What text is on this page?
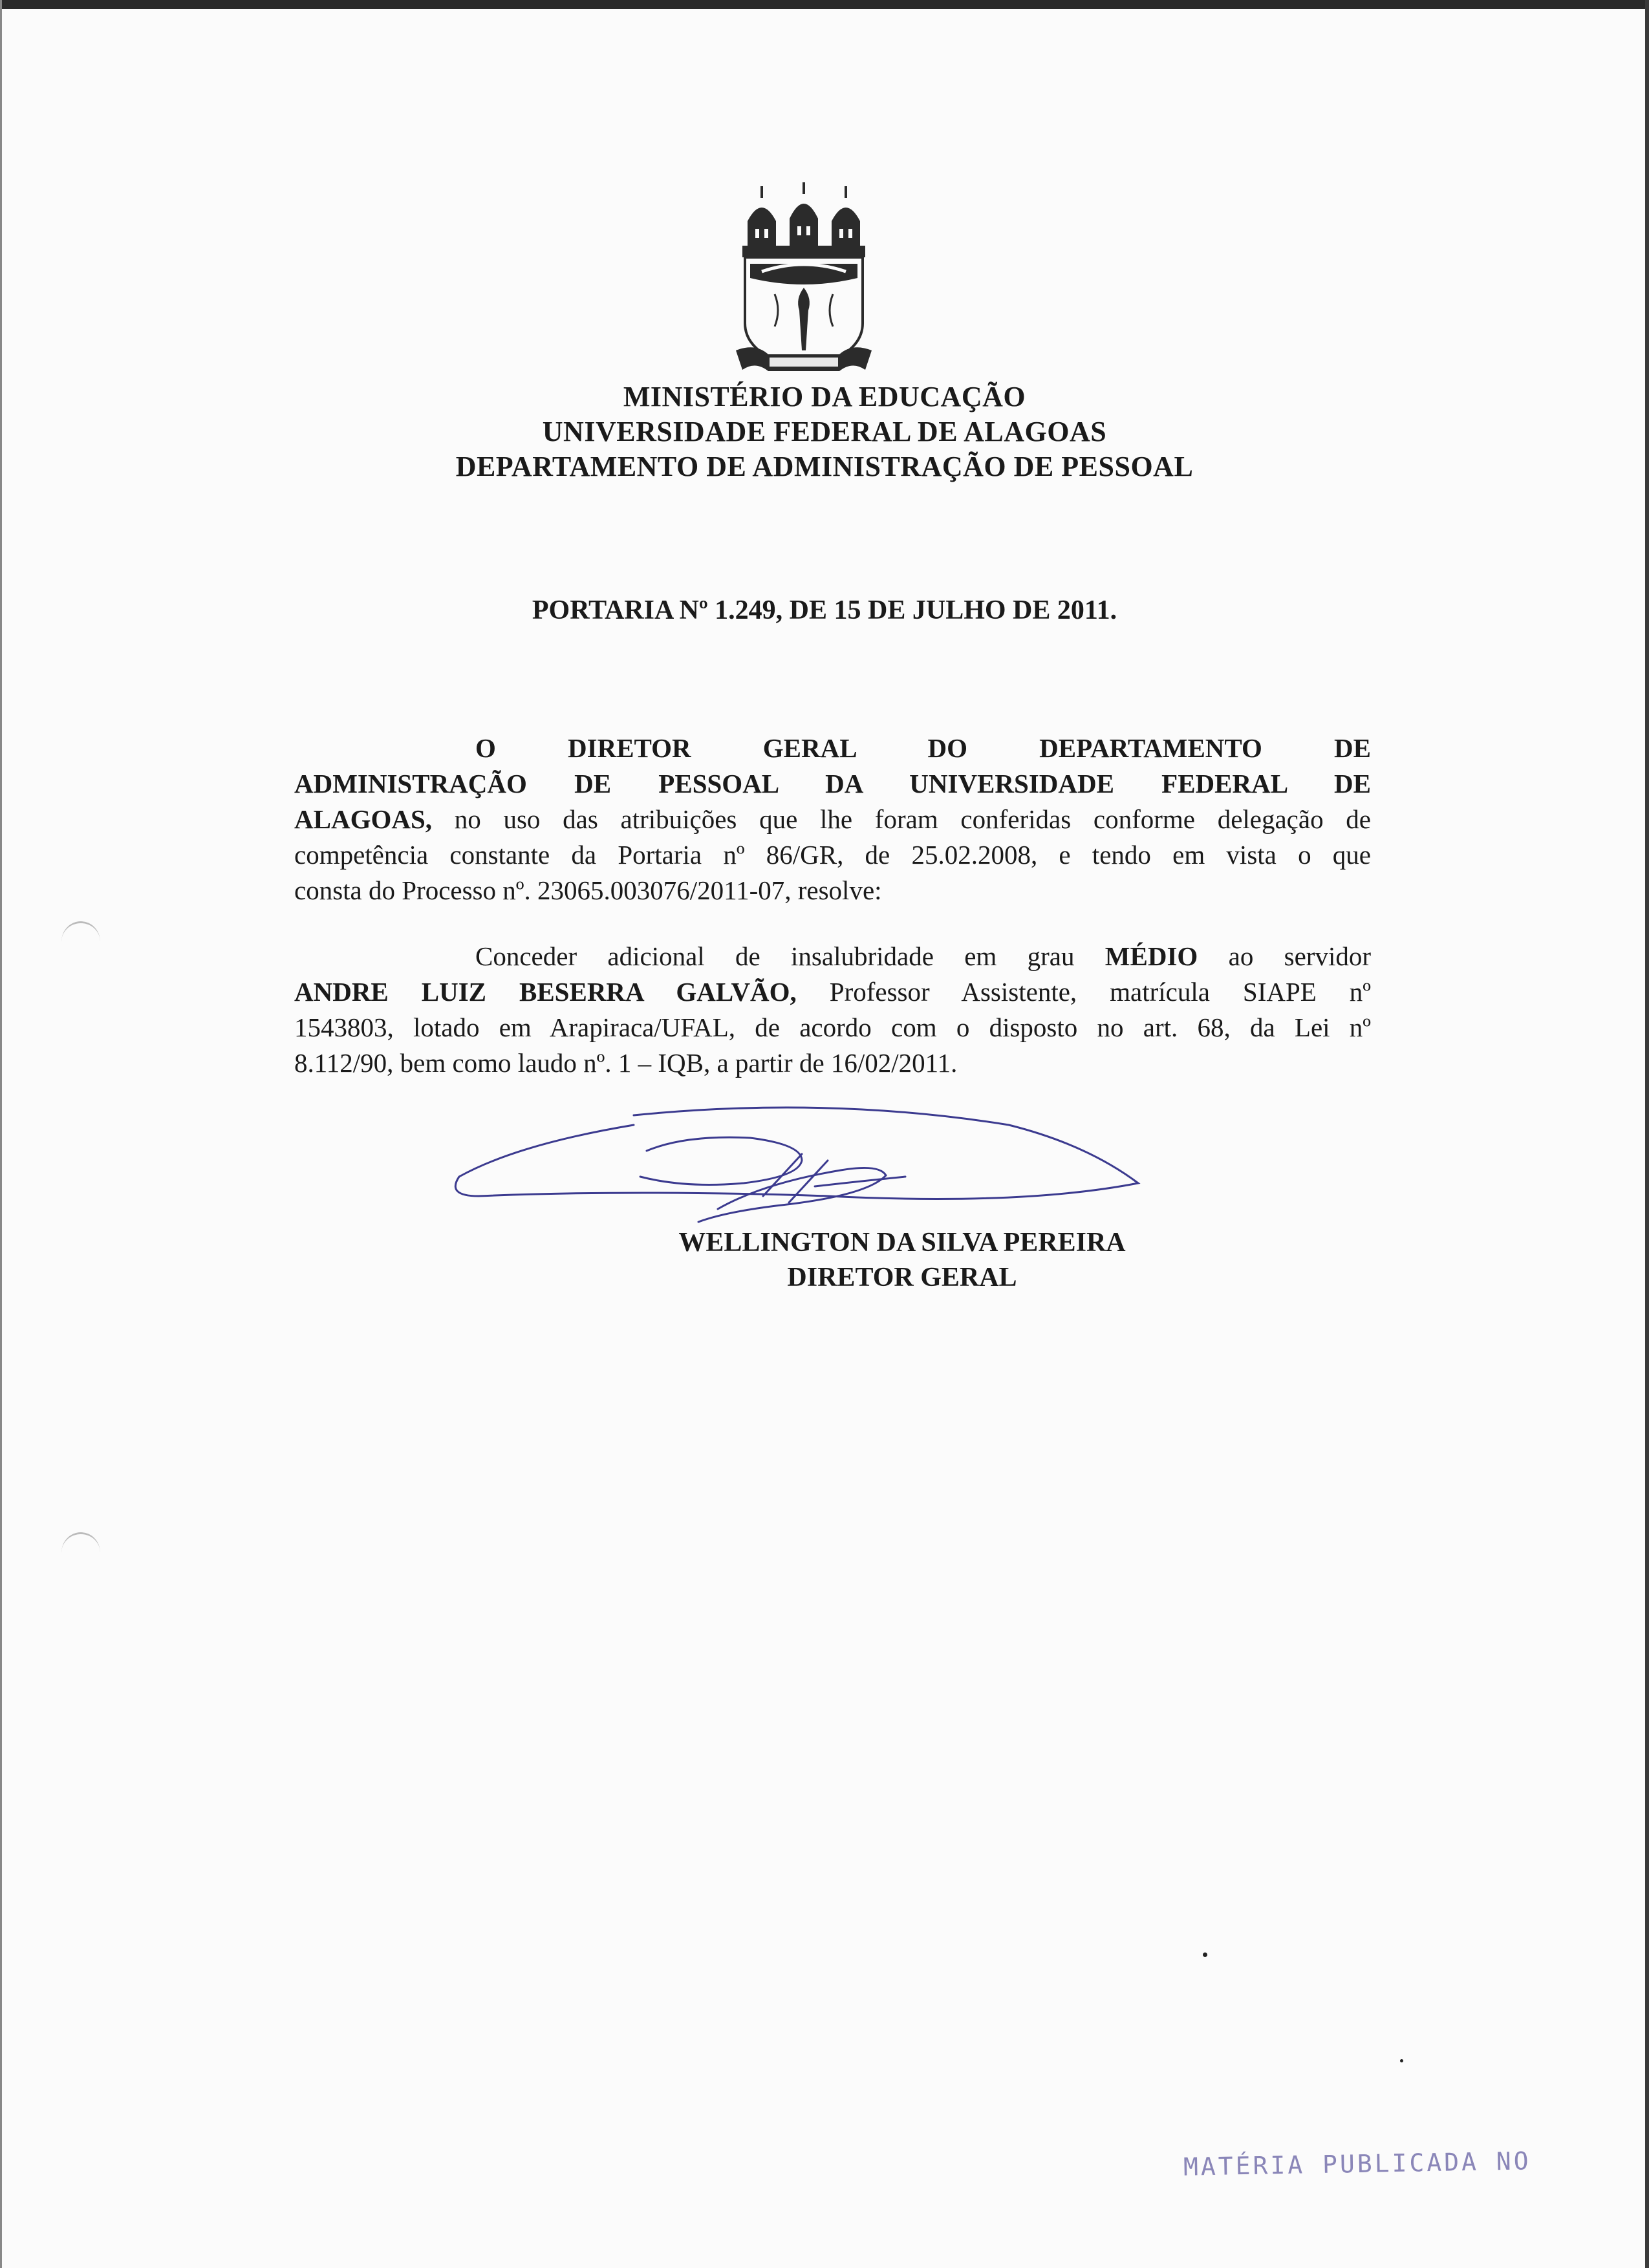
MINISTÉRIO DA EDUCAÇÃO
UNIVERSIDADE FEDERAL DE ALAGOAS
DEPARTAMENTO DE ADMINISTRAÇÃO DE PESSOAL
PORTARIA Nº 1.249, DE 15 DE JULHO DE 2011.
O DIRETOR GERAL DO DEPARTAMENTO DE
ADMINISTRAÇÃO DE PESSOAL DA UNIVERSIDADE FEDERAL DE
ALAGOAS, no uso das atribuições que lhe foram conferidas conforme delegação de
competência constante da Portaria nº 86/GR, de 25.02.2008, e tendo em vista o que
consta do Processo nº. 23065.003076/2011-07, resolve:
Conceder adicional de insalubridade em grau MÉDIO ao servidor
ANDRE LUIZ BESERRA GALVÃO, Professor Assistente, matrícula SIAPE nº
1543803, lotado em Arapiraca/UFAL, de acordo com o disposto no art. 68, da Lei nº
8.112/90, bem como laudo nº. 1 – IQB, a partir de 16/02/2011.
WELLINGTON DA SILVA PEREIRA
DIRETOR GERAL
MATÉRIA PUBLICADA NO
